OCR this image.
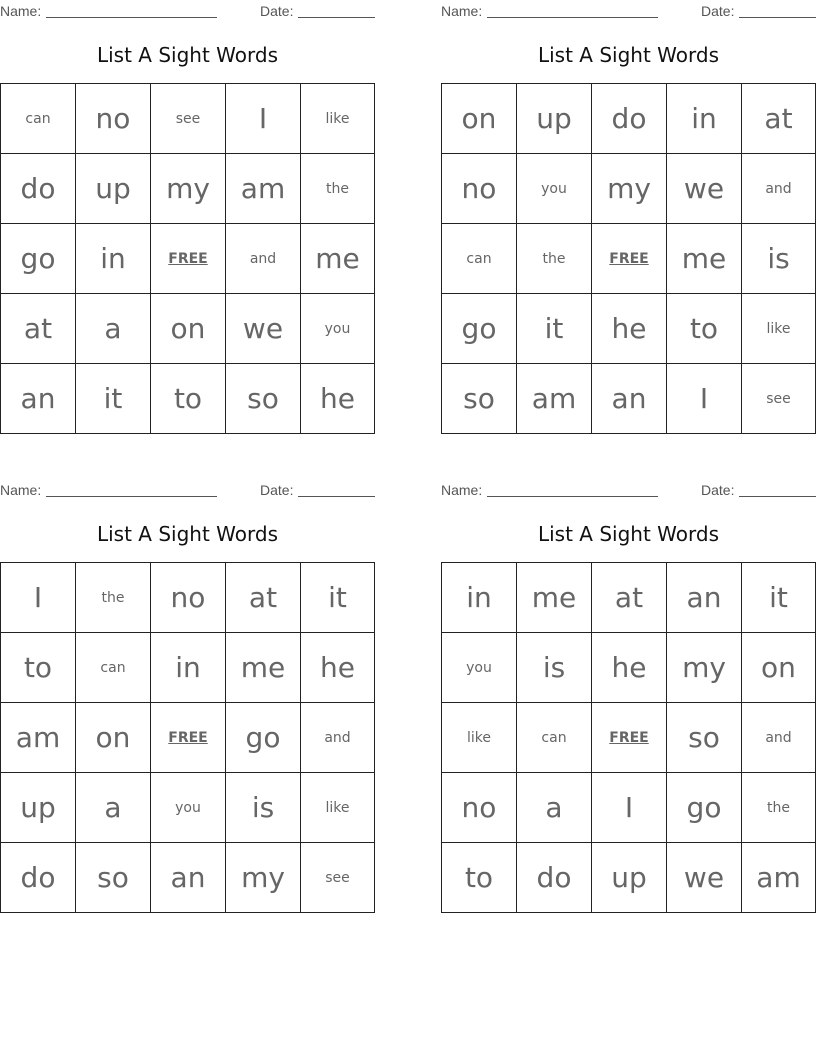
Name:	Date:
List A Sight Words
can	no	see	I	like
do	up	my	am	the
go	in	FREE	and	me
at	a	on	we	you
an	it	to	so	he
Name:	Date:
List A Sight Words
on	up	do	in	at
no	you	my	we	and
can	the	FREE	me	is
go	it	he	to	like
so	am	an	I	see
Name:	Date:
List A Sight Words
I	the	no	at	it
to	can	in	me	he
am	on	FREE	go	and
up	a	you	is	like
do	so	an	my	see
Name:	Date:
List A Sight Words
in	me	at	an	it
you	is	he	my	on
like	can	FREE	so	and
no	a	I	go	the
to	do	up	we	am
